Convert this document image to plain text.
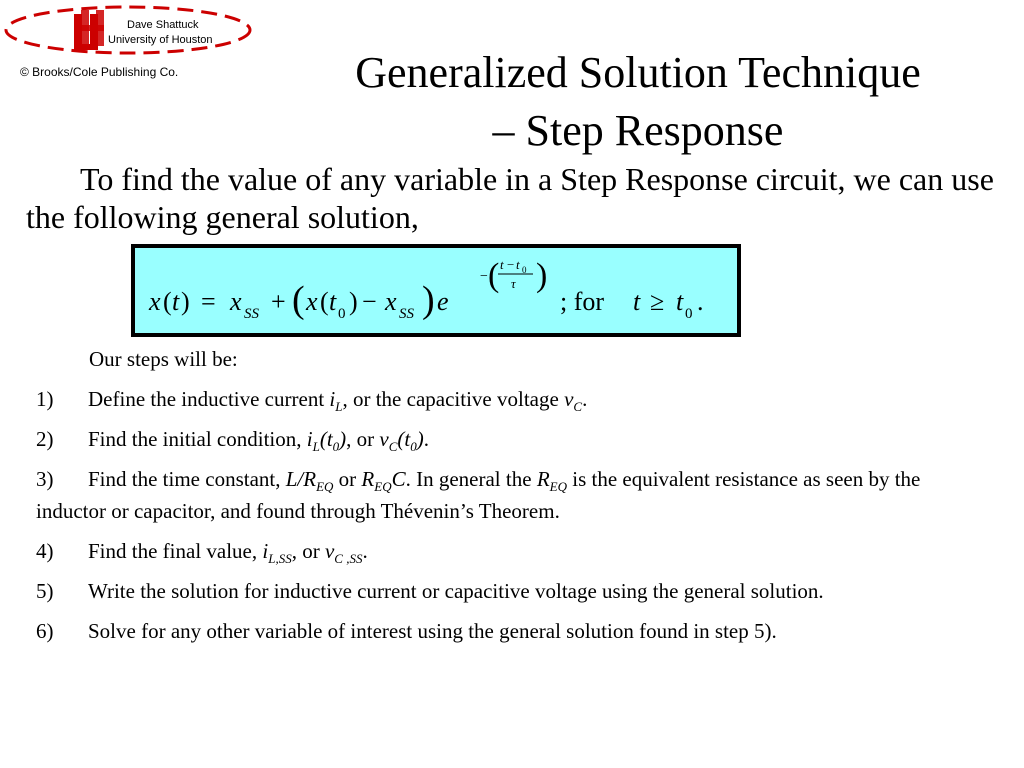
Dave Shattuck
University of Houston
© Brooks/Cole Publishing Co.	Generalized Solution Technique
– Step Response

To find the value of any variable in a Step Response circuit, we can use the following general solution,

x ( t ) = x SS + ( x ( t 0 ) − x SS ) e
− ( t − t 0
τ )
; for t ≥ t 0 .

Our steps will be:

1) Define the inductive current $i_L$, or the capacitive voltage $v_C$.
2) Find the initial condition, $i_L(t_0)$, or $v_C(t_0)$.
3) Find the time constant, $L/R_{EQ}$ or $R_{EQ}C$. In general the $R_{EQ}$ is the equivalent resistance as seen by the inductor or capacitor, and found through Thévenin’s Theorem.
4) Find the final value, $i_{L,SS}$, or $v_{C ,SS}$.
5) Write the solution for inductive current or capacitive voltage using the general solution.
6) Solve for any other variable of interest using the general solution found in step 5).
